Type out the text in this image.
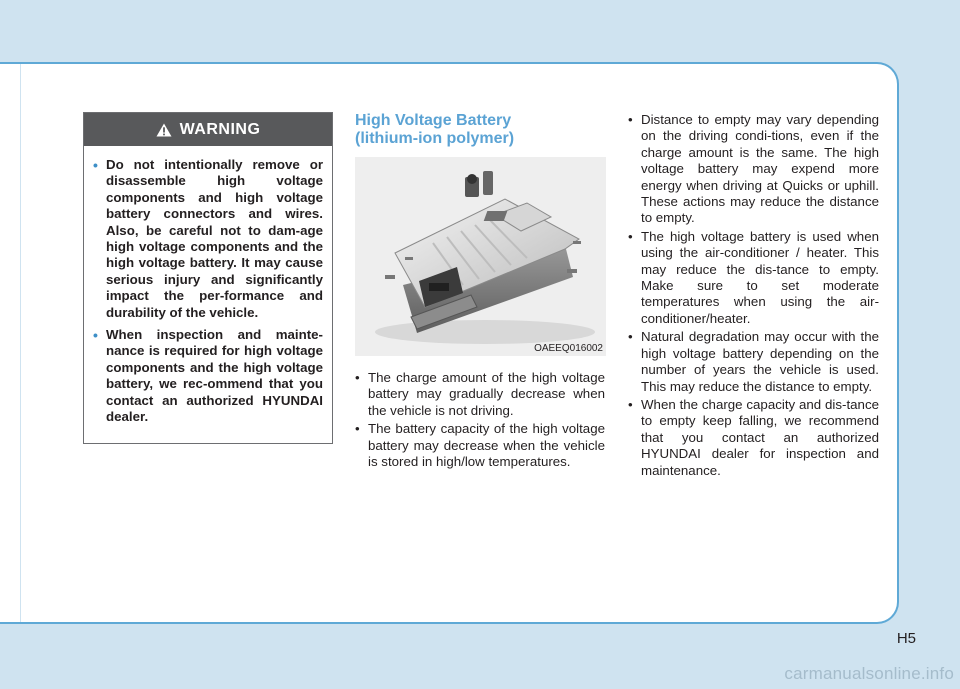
WARNING
• Do not intentionally remove or disassemble high voltage components and high voltage battery connectors and wires. Also, be careful not to dam-age high voltage components and the high voltage battery. It may cause serious injury and significantly impact the per-formance and durability of the vehicle.
• When inspection and mainte-nance is required for high voltage components and the high voltage battery, we rec-ommend that you contact an authorized HYUNDAI dealer.
High Voltage Battery
(lithium-ion polymer)
OAEEQ016002
• The charge amount of the high voltage battery may gradually decrease when the vehicle is not driving.
• The battery capacity of the high voltage battery may decrease when the vehicle is stored in high/low temperatures.
• Distance to empty may vary depending on the driving condi-tions, even if the charge amount is the same. The high voltage battery may expend more energy when driving at Quicks or uphill. These actions may reduce the distance to empty.
• The high voltage battery is used when using the air-conditioner / heater. This may reduce the dis-tance to empty. Make sure to set moderate temperatures when using the air-conditioner/heater.
• Natural degradation may occur with the high voltage battery depending on the number of years the vehicle is used. This may reduce the distance to empty.
• When the charge capacity and dis-tance to empty keep falling, we recommend that you contact an authorized HYUNDAI dealer for inspection and maintenance.
H5
carmanualsonline.info
